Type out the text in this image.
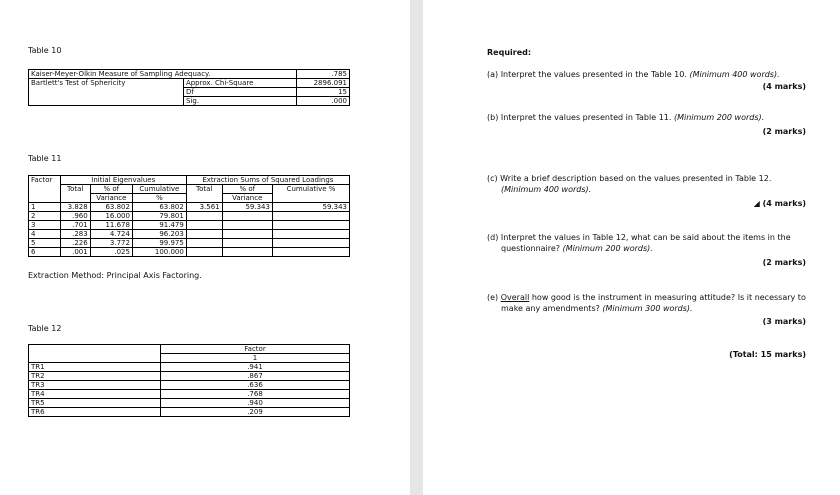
Table 10
Kaiser-Meyer-Olkin Measure of Sampling Adequacy.		.785
Bartlett's Test of Sphericity	Approx. Chi-Square	2896.091
	Df	15
	Sig.	.000
Table 11
Factor	Initial Eigenvalues			Extraction Sums of Squared Loadings		
	Total	% of	Cumulative	Total	% of	Cumulative %
		Variance	%		Variance	
1	3.828	63.802	63.802	3.561	59.343	59.343
2	.960	16.000	79.801			
3	.701	11.678	91.479			
4	.283	4.724	96.203			
5	.226	3.772	99.975			
6	.001	.025	100.000			
Extraction Method: Principal Axis Factoring.
Table 12
	Factor
	1
TR1	.941
TR2	.867
TR3	.636
TR4	.768
TR5	.940
TR6	.209
Required:
(a) Interpret the values presented in the Table 10. (Minimum 400 words).
(4 marks)
(b) Interpret the values presented in Table 11. (Minimum 200 words).
(2 marks)
(c) Write a brief description based on the values presented in Table 12.
(Minimum 400 words).
◢ (4 marks)
(d) Interpret the values in Table 12, what can be said about the items in the
questionnaire? (Minimum 200 words).
(2 marks)
(e) Overall how good is the instrument in measuring attitude? Is it necessary to
make any amendments? (Minimum 300 words).
(3 marks)
(Total: 15 marks)
